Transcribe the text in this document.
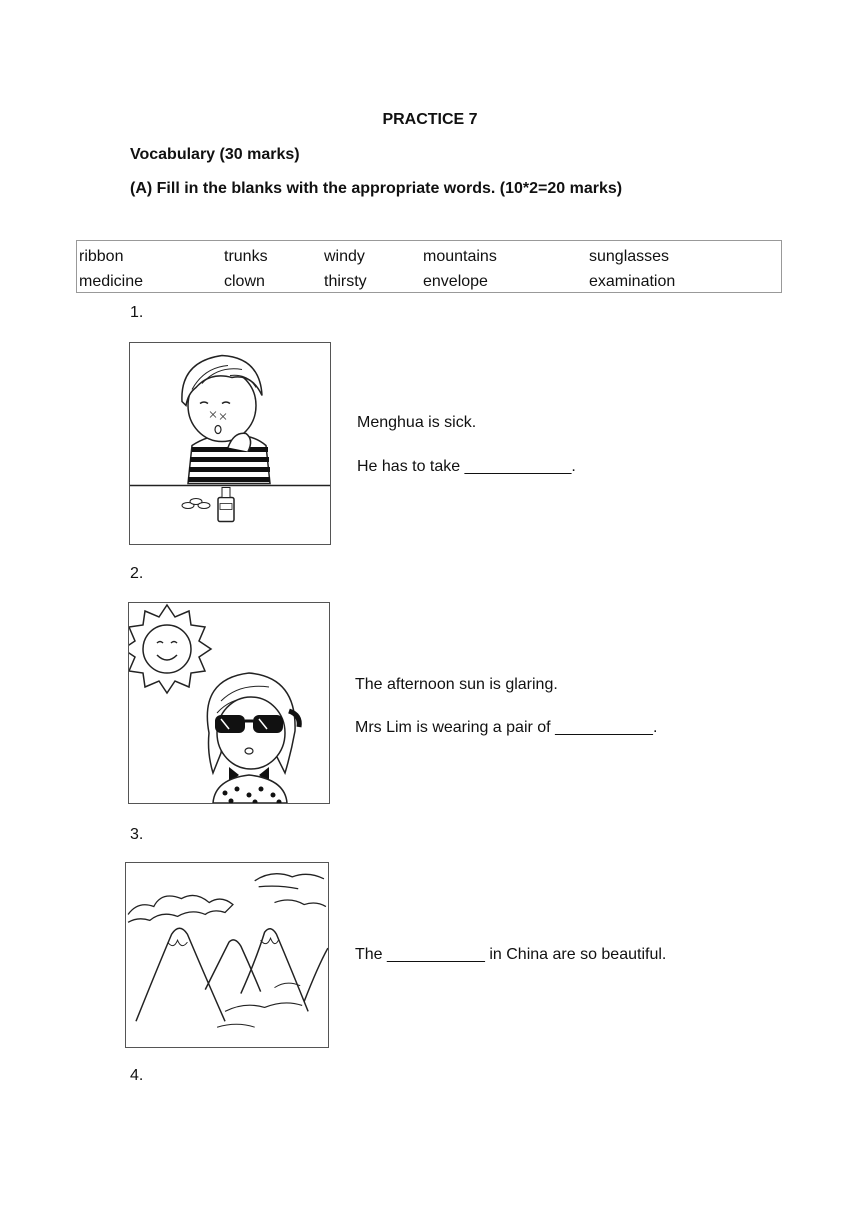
PRACTICE 7
Vocabulary (30 marks)
(A) Fill in the blanks with the appropriate words. (10*2=20 marks)
ribbon	trunks	windy	mountains	sunglasses
medicine	clown	thirsty	envelope	examination
1.
Menghua is sick.
He has to take ____________.
2.
The afternoon sun is glaring.
Mrs Lim is wearing a pair of ___________.
3.
The ___________ in China are so beautiful.
4.
